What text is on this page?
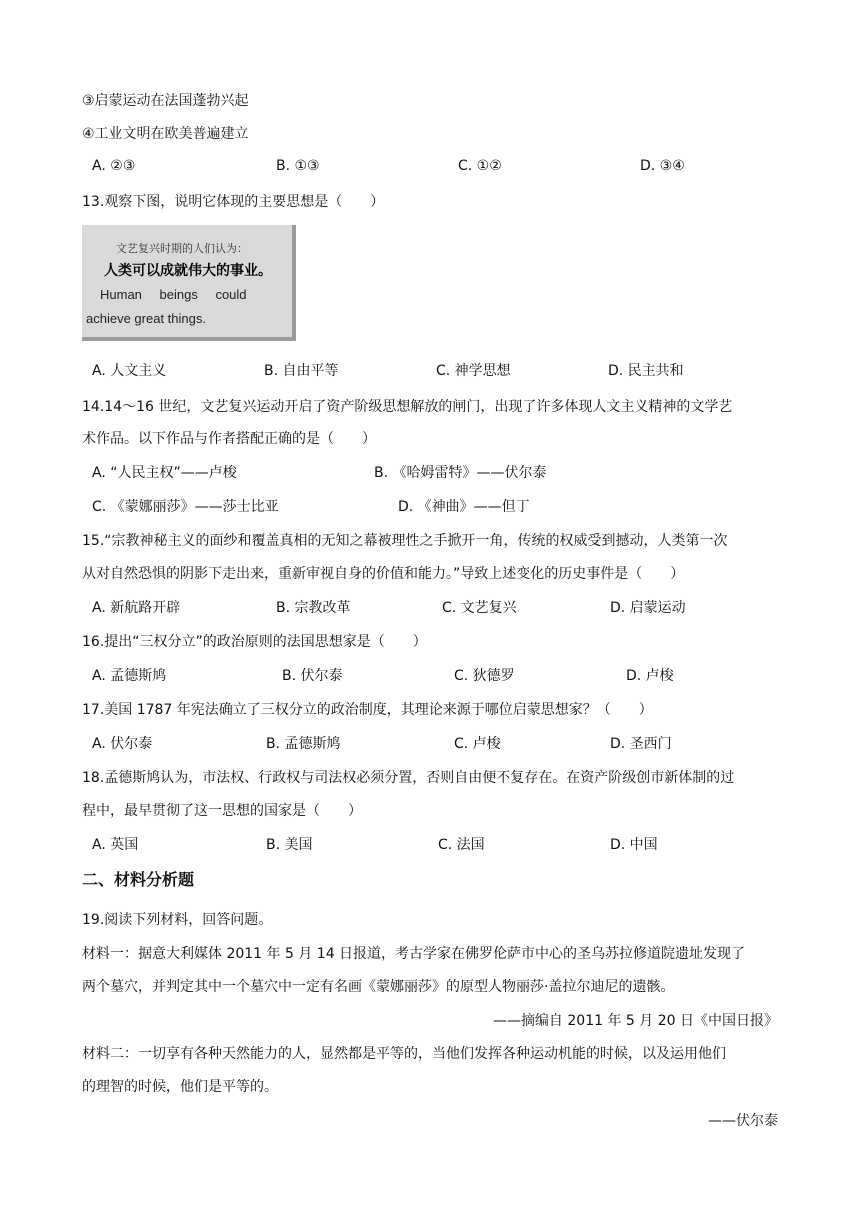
③启蒙运动在法国蓬勃兴起
④工业文明在欧美普遍建立
A. ②③	B. ①③	C. ①②	D. ③④
13.观察下图，说明它体现的主要思想是（　　）
文艺复兴时期的人们认为：
人类可以成就伟大的事业。
Human beings could
achieve great things.
A. 人文主义	B. 自由平等	C. 神学思想	D. 民主共和
14.14～16 世纪，文艺复兴运动开启了资产阶级思想解放的闸门，出现了许多体现人文主义精神的文学艺
术作品。以下作品与作者搭配正确的是（　　）
A. “人民主权”——卢梭	B. 《哈姆雷特》——伏尔泰
C. 《蒙娜丽莎》——莎士比亚	D. 《神曲》——但丁
15.“宗教神秘主义的面纱和覆盖真相的无知之幕被理性之手掀开一角，传统的权威受到撼动，人类第一次
从对自然恐惧的阴影下走出来，重新审视自身的价值和能力。”导致上述变化的历史事件是（　　）
A. 新航路开辟	B. 宗教改革	C. 文艺复兴	D. 启蒙运动
16.提出“三权分立”的政治原则的法国思想家是（　　）
A. 孟德斯鸠	B. 伏尔泰	C. 狄德罗	D. 卢梭
17.美国 1787 年宪法确立了三权分立的政治制度，其理论来源于哪位启蒙思想家？（　　）
A. 伏尔泰	B. 孟德斯鸠	C. 卢梭	D. 圣西门
18.孟德斯鸠认为，市法权、行政权与司法权必须分置，否则自由便不复存在。在资产阶级创市新体制的过
程中，最早贯彻了这一思想的国家是（　　）
A. 英国	B. 美国	C. 法国	D. 中国
二、材料分析题
19.阅读下列材料，回答问题。
材料一：据意大利媒体 2011 年 5 月 14 日报道，考古学家在佛罗伦萨市中心的圣乌苏拉修道院遗址发现了
两个墓穴，并判定其中一个墓穴中一定有名画《蒙娜丽莎》的原型人物丽莎·盖拉尔迪尼的遗骸。
——摘编自 2011 年 5 月 20 日《中国日报》
材料二：一切享有各种天然能力的人，显然都是平等的，当他们发挥各种运动机能的时候，以及运用他们
的理智的时候，他们是平等的。
——伏尔泰
